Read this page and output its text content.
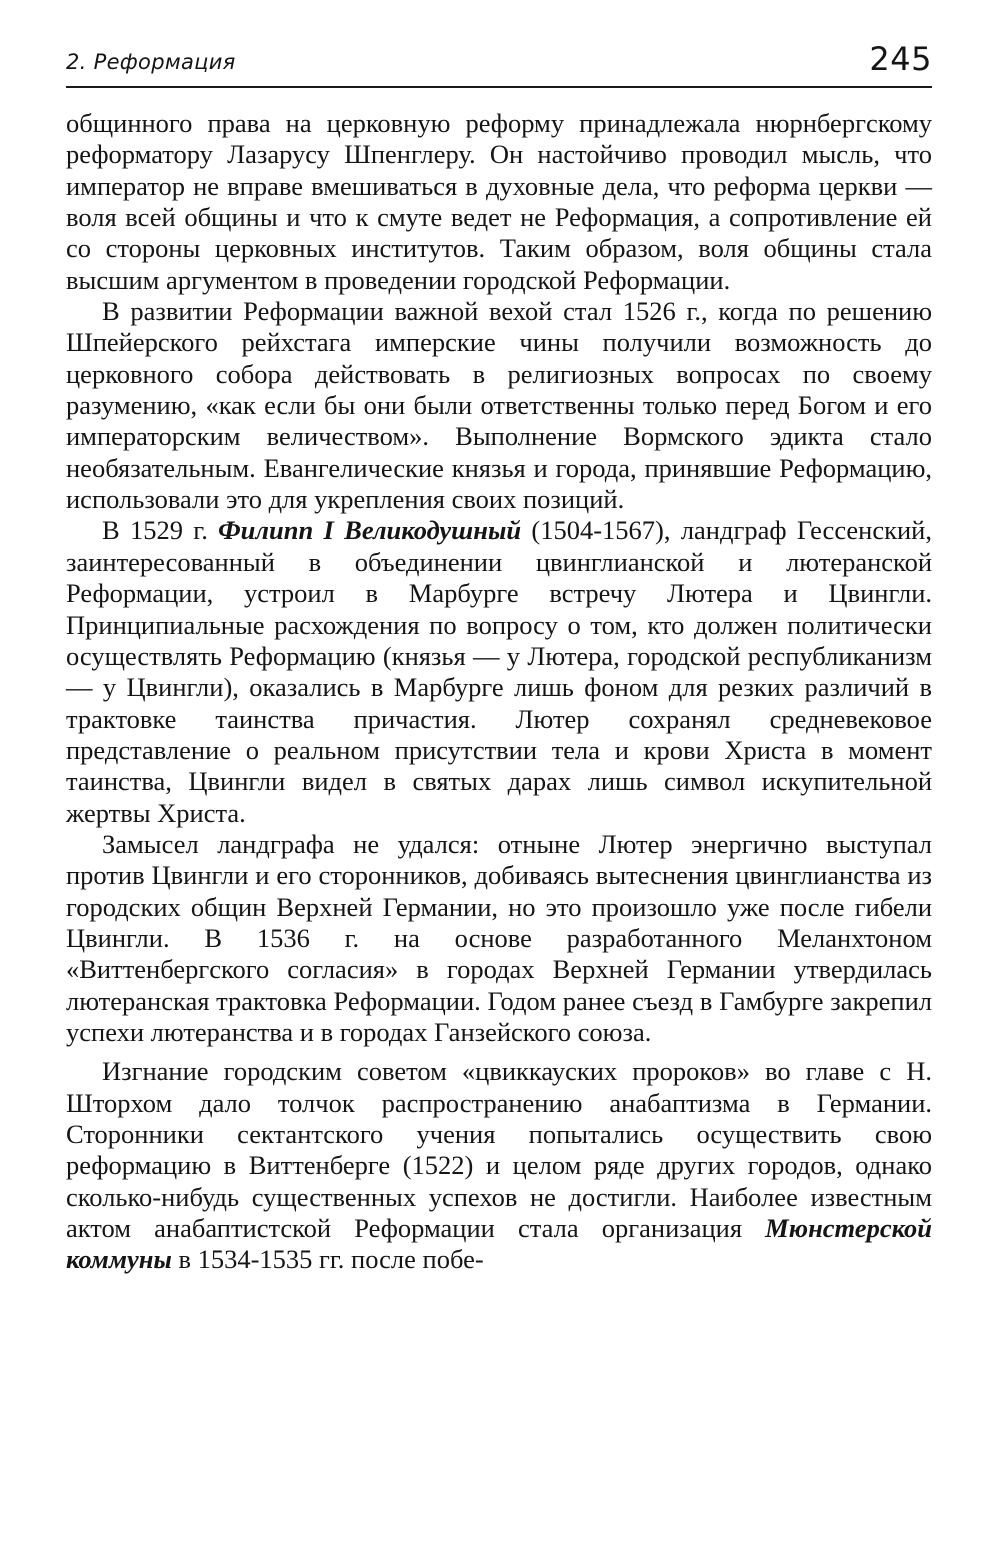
2. Реформация	245

общинного права на церковную реформу принадлежала нюрнбергскому реформатору Лазарусу Шпенглеру. Он настойчиво проводил мысль, что император не вправе вмешиваться в духовные дела, что реформа церкви — воля всей общины и что к смуте ведет не Реформация, а сопротивление ей со стороны церковных институтов. Таким образом, воля общины стала высшим аргументом в проведении городской Реформации.

В развитии Реформации важной вехой стал 1526 г., когда по решению Шпейерского рейхстага имперские чины получили возможность до церковного собора действовать в религиозных вопросах по своему разумению, «как если бы они были ответственны только перед Богом и его императорским величеством». Выполнение Вормского эдикта стало необязательным. Евангелические князья и города, принявшие Реформацию, использовали это для укрепления своих позиций.

В 1529 г. Филипп I Великодушный (1504-1567), ландграф Гессенский, заинтересованный в объединении цвинглианской и лютеранской Реформации, устроил в Марбурге встречу Лютера и Цвингли. Принципиальные расхождения по вопросу о том, кто должен политически осуществлять Реформацию (князья — у Лютера, городской республиканизм — у Цвингли), оказались в Марбурге лишь фоном для резких различий в трактовке таинства причастия. Лютер сохранял средневековое представление о реальном присутствии тела и крови Христа в момент таинства, Цвингли видел в святых дарах лишь символ искупительной жертвы Христа.

Замысел ландграфа не удался: отныне Лютер энергично выступал против Цвингли и его сторонников, добиваясь вытеснения цвинглианства из городских общин Верхней Германии, но это произошло уже после гибели Цвингли. В 1536 г. на основе разработанного Меланхтоном «Виттенбергского согласия» в городах Верхней Германии утвердилась лютеранская трактовка Реформации. Годом ранее съезд в Гамбурге закрепил успехи лютеранства и в городах Ганзейского союза.

Изгнание городским советом «цвиккауских пророков» во главе с Н. Шторхом дало толчок распространению анабаптизма в Германии. Сторонники сектантского учения попытались осуществить свою реформацию в Виттенберге (1522) и целом ряде других городов, однако сколько-нибудь существенных успехов не достигли. Наиболее известным актом анабаптистской Реформации стала организация Мюнстерской коммуны в 1534-1535 гг. после побе-
